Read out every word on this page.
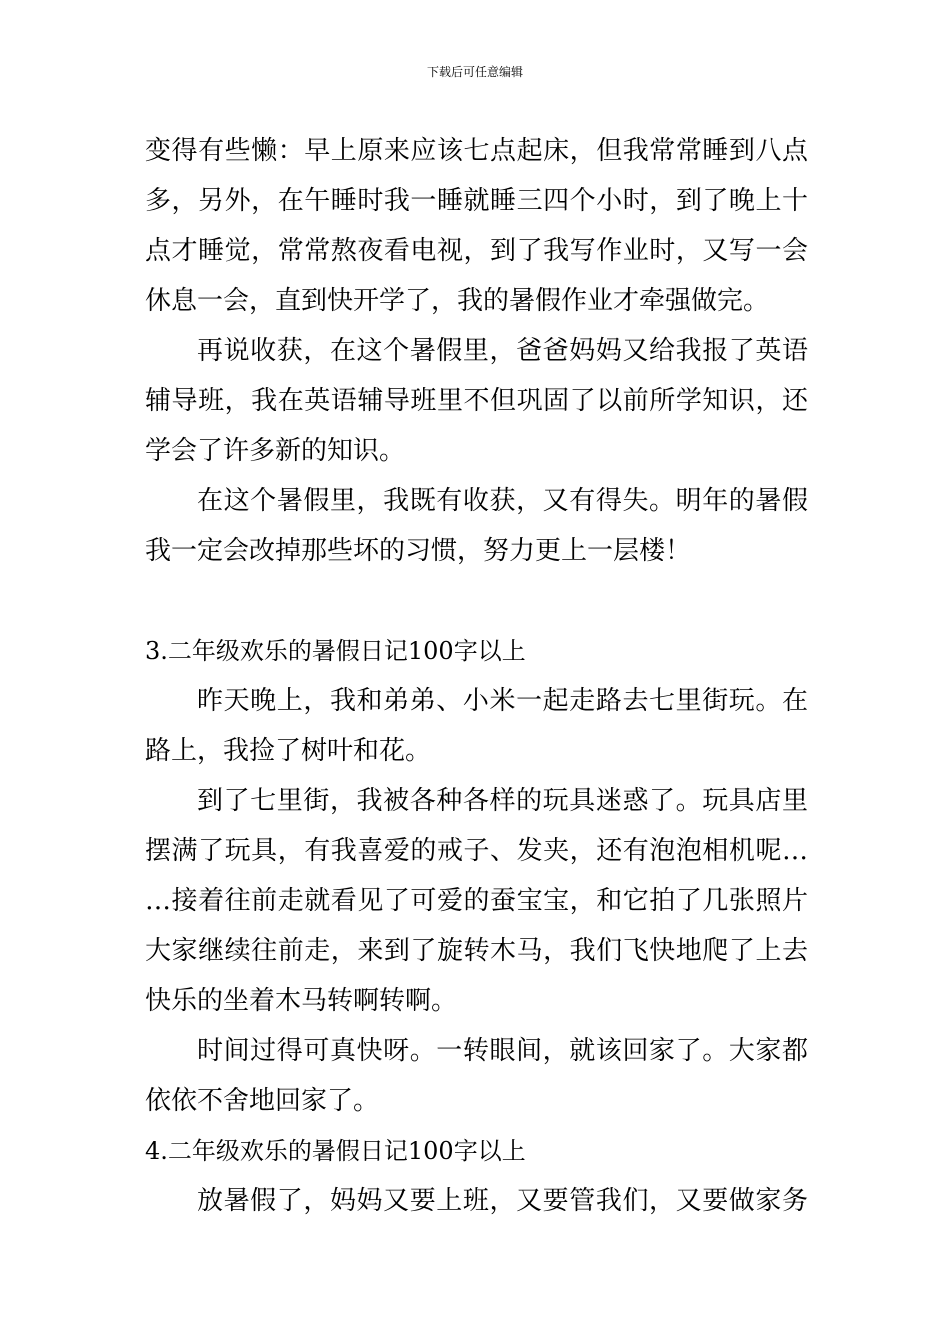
下载后可任意编辑
变得有些懒：早上原来应该七点起床，但我常常睡到八点
多，另外，在午睡时我一睡就睡三四个小时，到了晚上十
点才睡觉，常常熬夜看电视，到了我写作业时，又写一会
休息一会，直到快开学了，我的暑假作业才牵强做完。
再说收获，在这个暑假里，爸爸妈妈又给我报了英语
辅导班，我在英语辅导班里不但巩固了以前所学知识，还
学会了许多新的知识。
在这个暑假里，我既有收获，又有得失。明年的暑假
我一定会改掉那些坏的习惯，努力更上一层楼！
3.二年级欢乐的暑假日记100字以上
昨天晚上，我和弟弟、小米一起走路去七里街玩。在
路上，我捡了树叶和花。
到了七里街，我被各种各样的玩具迷惑了。玩具店里
摆满了玩具，有我喜爱的戒子、发夹，还有泡泡相机呢…
…接着往前走就看见了可爱的蚕宝宝，和它拍了几张照片
大家继续往前走，来到了旋转木马，我们飞快地爬了上去
快乐的坐着木马转啊转啊。
时间过得可真快呀。一转眼间，就该回家了。大家都
依依不舍地回家了。
4.二年级欢乐的暑假日记100字以上
放暑假了，妈妈又要上班，又要管我们，又要做家务
